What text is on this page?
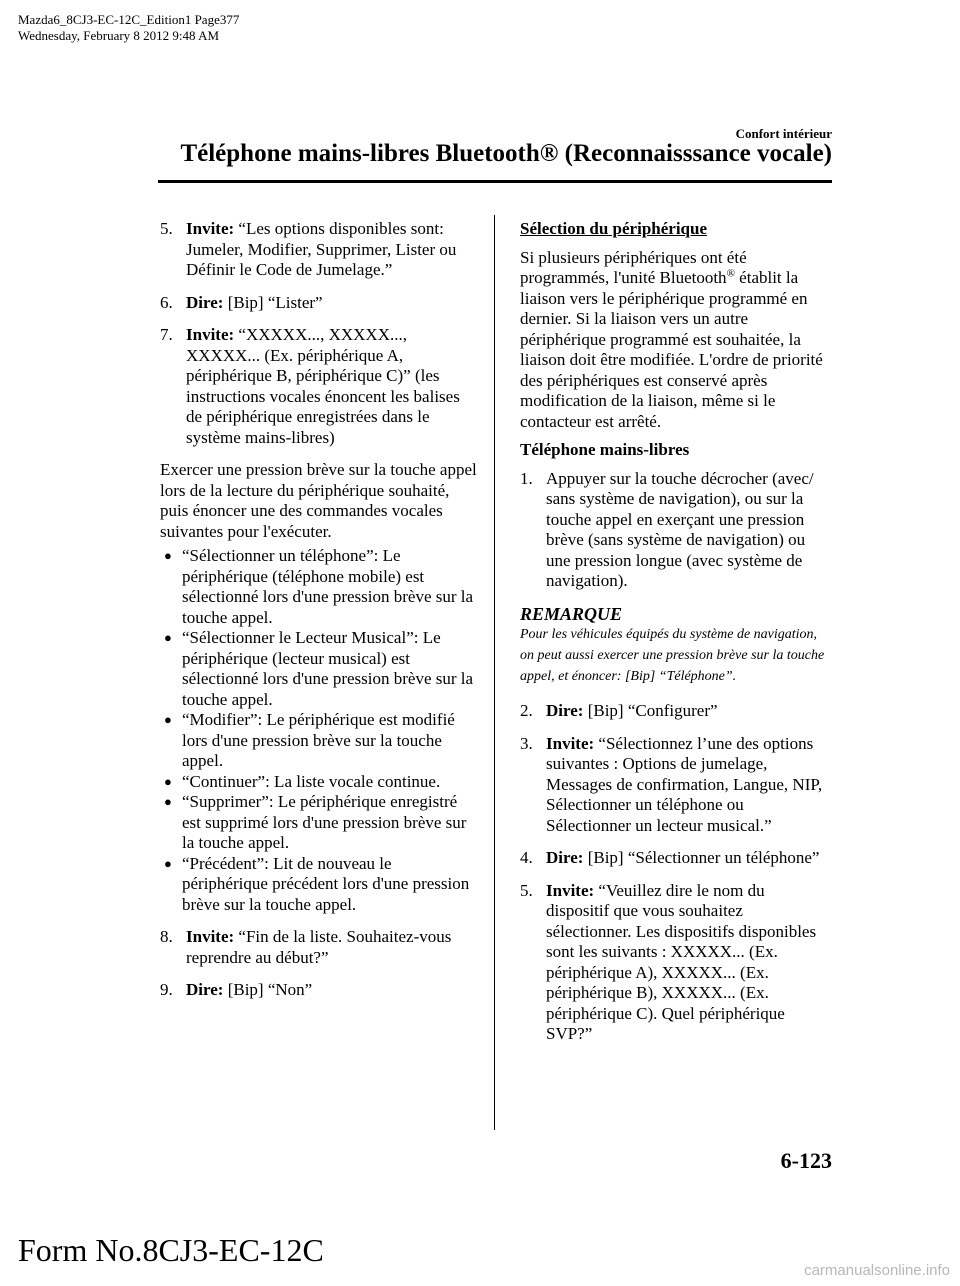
Mazda6_8CJ3-EC-12C_Edition1 Page377
Wednesday, February 8 2012 9:48 AM
Confort intérieur
Téléphone mains-libres Bluetooth® (Reconnaisssance vocale)
5. Invite: “Les options disponibles sont: Jumeler, Modifier, Supprimer, Lister ou Définir le Code de Jumelage.”
6. Dire: [Bip] “Lister”
7. Invite: “XXXXX..., XXXXX..., XXXXX... (Ex. périphérique A, périphérique B, périphérique C)” (les instructions vocales énoncent les balises de périphérique enregistrées dans le système mains-libres)
Exercer une pression brève sur la touche appel lors de la lecture du périphérique souhaité, puis énoncer une des commandes vocales suivantes pour l'exécuter.
● “Sélectionner un téléphone”: Le périphérique (téléphone mobile) est sélectionné lors d'une pression brève sur la touche appel.
● “Sélectionner le Lecteur Musical”: Le périphérique (lecteur musical) est sélectionné lors d'une pression brève sur la touche appel.
● “Modifier”: Le périphérique est modifié lors d'une pression brève sur la touche appel.
● “Continuer”: La liste vocale continue.
● “Supprimer”: Le périphérique enregistré est supprimé lors d'une pression brève sur la touche appel.
● “Précédent”: Lit de nouveau le périphérique précédent lors d'une pression brève sur la touche appel.
8. Invite: “Fin de la liste. Souhaitez-vous reprendre au début?”
9. Dire: [Bip] “Non”
Sélection du périphérique
Si plusieurs périphériques ont été programmés, l'unité Bluetooth® établit la liaison vers le périphérique programmé en dernier. Si la liaison vers un autre périphérique programmé est souhaitée, la liaison doit être modifiée. L'ordre de priorité des périphériques est conservé après modification de la liaison, même si le contacteur est arrêté.
Téléphone mains-libres
1. Appuyer sur la touche décrocher (avec/ sans système de navigation), ou sur la touche appel en exerçant une pression brève (sans système de navigation) ou une pression longue (avec système de navigation).
REMARQUE
Pour les véhicules équipés du système de navigation, on peut aussi exercer une pression brève sur la touche appel, et énoncer: [Bip] “Téléphone”.
2. Dire: [Bip] “Configurer”
3. Invite: “Sélectionnez l’une des options suivantes : Options de jumelage, Messages de confirmation, Langue, NIP, Sélectionner un téléphone ou Sélectionner un lecteur musical.”
4. Dire: [Bip] “Sélectionner un téléphone”
5. Invite: “Veuillez dire le nom du dispositif que vous souhaitez sélectionner. Les dispositifs disponibles sont les suivants : XXXXX... (Ex. périphérique A), XXXXX... (Ex. périphérique B), XXXXX... (Ex. périphérique C). Quel périphérique SVP?”
6-123
Form No.8CJ3-EC-12C
carmanualsonline.info
